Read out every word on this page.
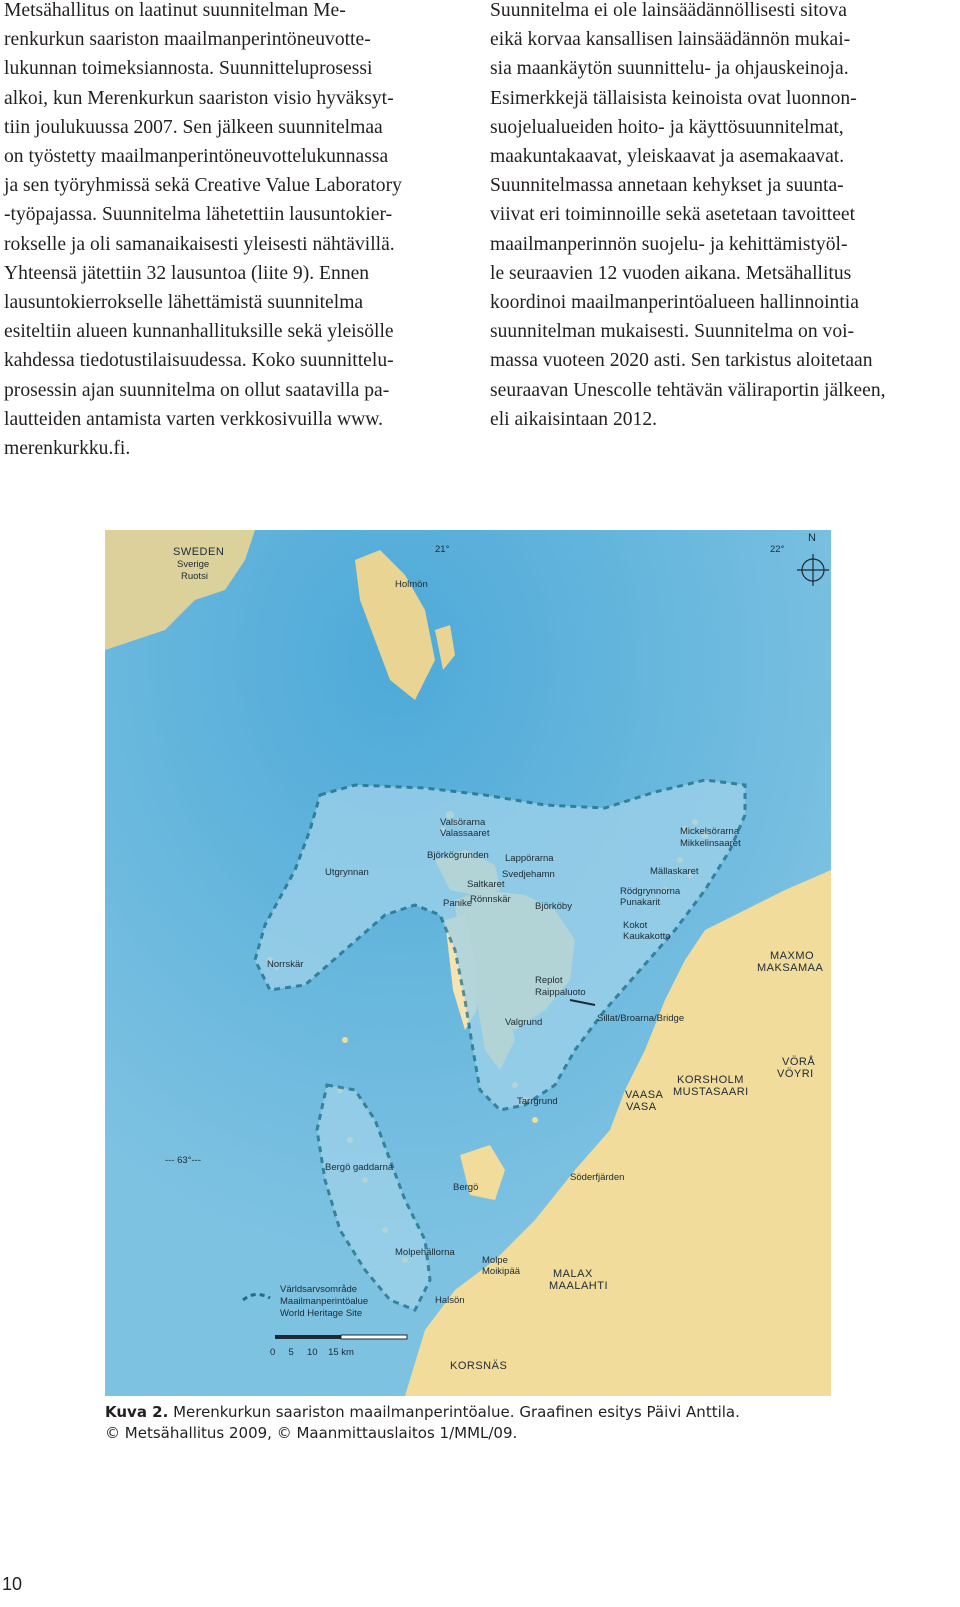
Metsähallitus on laatinut suunnitelman Me-
renkurkun saariston maailmanperintöneuvotte-
lukunnan toimeksiannosta. Suunnitteluprosessi
alkoi, kun Merenkurkun saariston visio hyväksyt-
tiin joulukuussa 2007. Sen jälkeen suunnitelmaa
on työstetty maailmanperintöneuvottelukunnassa
ja sen työryhmissä sekä Creative Value Laboratory
-työpajassa. Suunnitelma lähetettiin lausuntokier-
rokselle ja oli samanaikaisesti yleisesti nähtävillä.
Yhteensä jätettiin 32 lausuntoa (liite 9). Ennen
lausuntokierrokselle lähettämistä suunnitelma
esiteltiin alueen kunnanhallituksille sekä yleisölle
kahdessa tiedotustilaisuudessa. Koko suunnittelu-
prosessin ajan suunnitelma on ollut saatavilla pa-
lautteiden antamista varten verkkosivuilla www.
merenkurkku.fi.
Suunnitelma ei ole lainsäädännöllisesti sitova
eikä korvaa kansallisen lainsäädännön mukai-
sia maankäytön suunnittelu- ja ohjauskeinoja.
Esimerkkejä tällaisista keinoista ovat luonnon-
suojelualueiden hoito- ja käyttösuunnitelmat,
maakuntakaavat, yleiskaavat ja asemakaavat.
Suunnitelmassa annetaan kehykset ja suunta-
viivat eri toiminnoille sekä asetetaan tavoitteet
maailmanperinnön suojelu- ja kehittämistyöl-
le seuraavien 12 vuoden aikana. Metsähallitus
koordinoi maailmanperintöalueen hallinnointia
suunnitelman mukaisesti. Suunnitelma on voi-
massa vuoteen 2020 asti. Sen tarkistus aloitetaan
seuraavan Unescolle tehtävän väliraportin jälkeen,
eli aikaisintaan 2012.
SWEDEN
Sverige
Ruotsi
21°	22°
N
Holmön
Valsörarna
Valassaaret
Björkögrunden Lappörarna
Svedjehamn
Saltkaret
Panike
Rönnskär
Björköby
Utgrynnan
Mickelsörarna
Mikkelinsaaret
Mällaskaret
Rödgrynnorna
Punakarit
Kokot
Kaukakotto
Norrskär
Replot
Raippaluoto
Sillat/Broarna/Bridge
Valgrund
MAXMO
MAKSAMAA
VÖRÅ
VÖYRI
KORSHOLM
MUSTASAARI
VAASA
VASA
Tarrgrund
--- 63°---
Bergö gaddarna
Bergö
Söderfjärden
Molpehällorna
Molpe
Moikipää	MALAX
MAALAHTI
Halsön
KORSNÄS
Världsarvsområde
Maailmanperintöalue
World Heritage Site
0     5     10    15 km
Kuva 2. Merenkurkun saariston maailmanperintöalue. Graafinen esitys Päivi Anttila.
© Metsähallitus 2009, © Maanmittauslaitos 1/MML/09.
10
